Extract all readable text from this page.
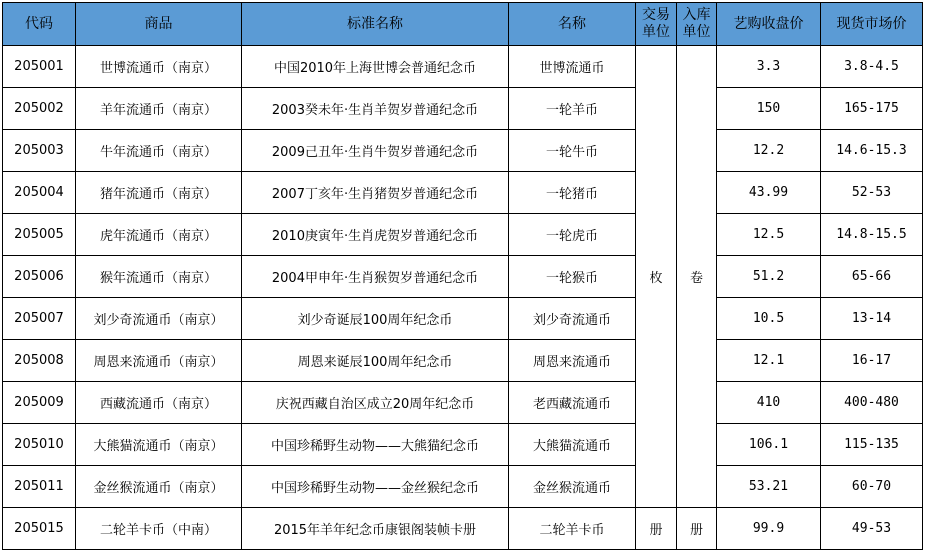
代码	商品	标准名称	名称	交易单位	入库单位	艺购收盘价	现货市场价
205001	世博流通币（南京）	中国2010年上海世博会普通纪念币	世博流通币	枚	卷	3.3	3.8-4.5
205002	羊年流通币（南京）	2003癸未年·生肖羊贺岁普通纪念币	一轮羊币			150	165-175
205003	牛年流通币（南京）	2009己丑年·生肖牛贺岁普通纪念币	一轮牛币			12.2	14.6-15.3
205004	猪年流通币（南京）	2007丁亥年·生肖猪贺岁普通纪念币	一轮猪币			43.99	52-53
205005	虎年流通币（南京）	2010庚寅年·生肖虎贺岁普通纪念币	一轮虎币			12.5	14.8-15.5
205006	猴年流通币（南京）	2004甲申年·生肖猴贺岁普通纪念币	一轮猴币			51.2	65-66
205007	刘少奇流通币（南京）	刘少奇诞辰100周年纪念币	刘少奇流通币			10.5	13-14
205008	周恩来流通币（南京）	周恩来诞辰100周年纪念币	周恩来流通币			12.1	16-17
205009	西藏流通币（南京）	庆祝西藏自治区成立20周年纪念币	老西藏流通币			410	400-480
205010	大熊猫流通币（南京）	中国珍稀野生动物——大熊猫纪念币	大熊猫流通币			106.1	115-135
205011	金丝猴流通币（南京）	中国珍稀野生动物——金丝猴纪念币	金丝猴流通币			53.21	60-70
205015	二轮羊卡币（中南）	2015年羊年纪念币康银阁装帧卡册	二轮羊卡币	册	册	99.9	49-53
